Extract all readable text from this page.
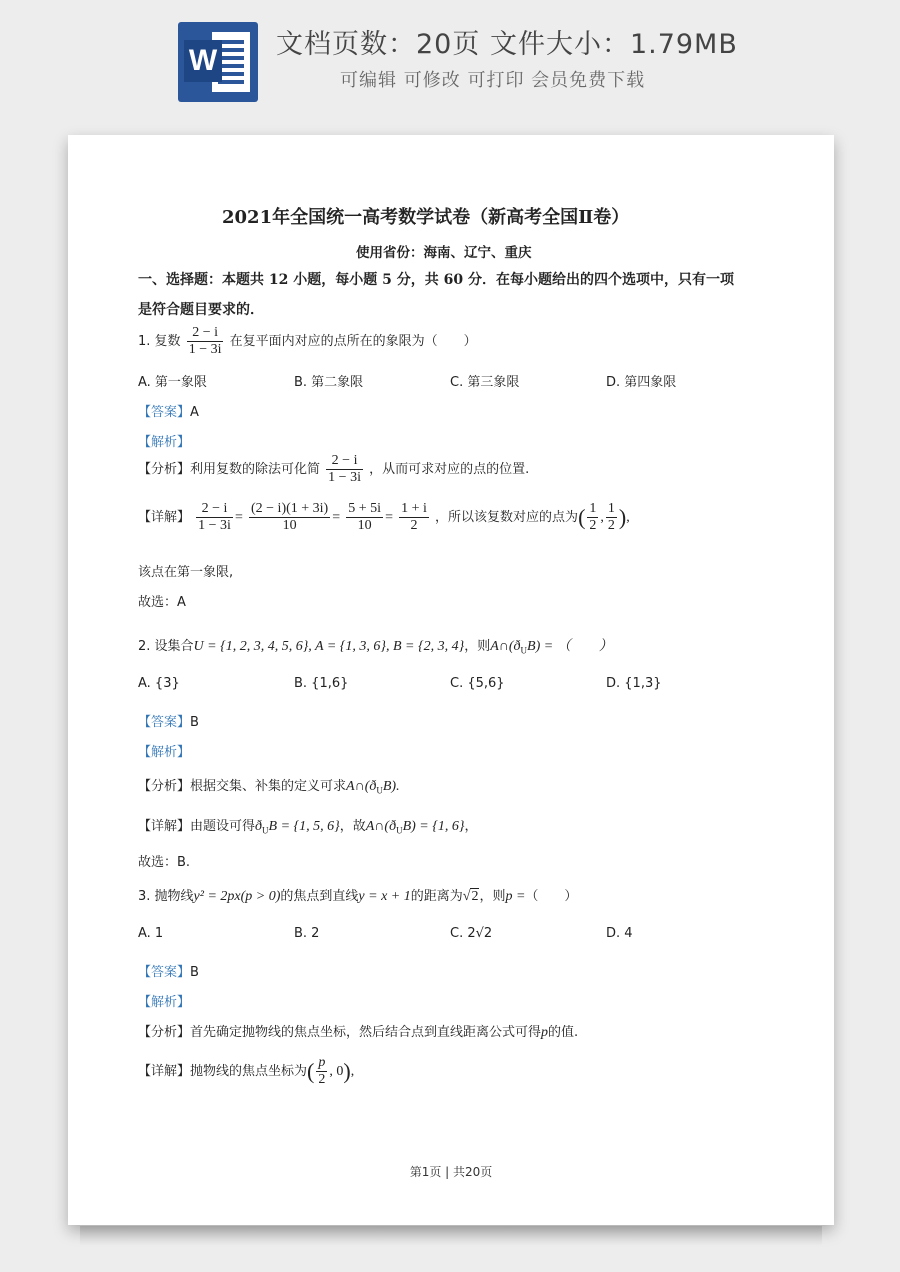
W 文档页数：20页 文件大小：1.79MB
可编辑 可修改 可打印 会员免费下载
2021年全国统一高考数学试卷（新高考全国Ⅱ卷）
使用省份：海南、辽宁、重庆
一、选择题：本题共 12 小题，每小题 5 分，共 60 分．在每小题给出的四个选项中，只有一项
是符合题目要求的．
1. 复数 $\frac{2 - i}{1 - 3i}$ 在复平面内对应的点所在的象限为（　　）
A. 第一象限	B. 第二象限	C. 第三象限	D. 第四象限
【答案】A
【解析】
【分析】利用复数的除法可化简 $\frac{2 - i}{1 - 3i}$ ，从而可求对应的点的位置.
【详解】 $\frac{2 - i}{1 - 3i} = \frac{(2 - i)(1 + 3i)}{10} = \frac{5 + 5i}{10} = \frac{1 + i}{2}$ ，所以该复数对应的点为( $\frac{1}{2}$ , $\frac{1}{2}$ ),
该点在第一象限,
故选：A
2. 设集合U = {1, 2, 3, 4, 5, 6}, A = {1, 3, 6}, B = {2, 3, 4}，则$A\cap(ð_UB)$ = （　　）
A. {3}	B. {1,6}	C. {5,6}	D. {1,3}
【答案】B
【解析】
【分析】根据交集、补集的定义可求$A\cap(ð_UB)$.
【详解】由题设可得$ð_UB = \{1$, 5, 6}，故$A\cap(ð_UB) = \{1$, 6}，
故选：B.
3. 抛物线y² = 2px(p > 0)的焦点到直线y = x + 1的距离为√2，则p =（　　）
A. 1	B. 2	C. 2√2	D. 4
【答案】B
【解析】
【分析】首先确定抛物线的焦点坐标，然后结合点到直线距离公式可得p的值.
【详解】抛物线的焦点坐标为( $\frac{p}{2}$ , 0),
第1页 | 共20页
